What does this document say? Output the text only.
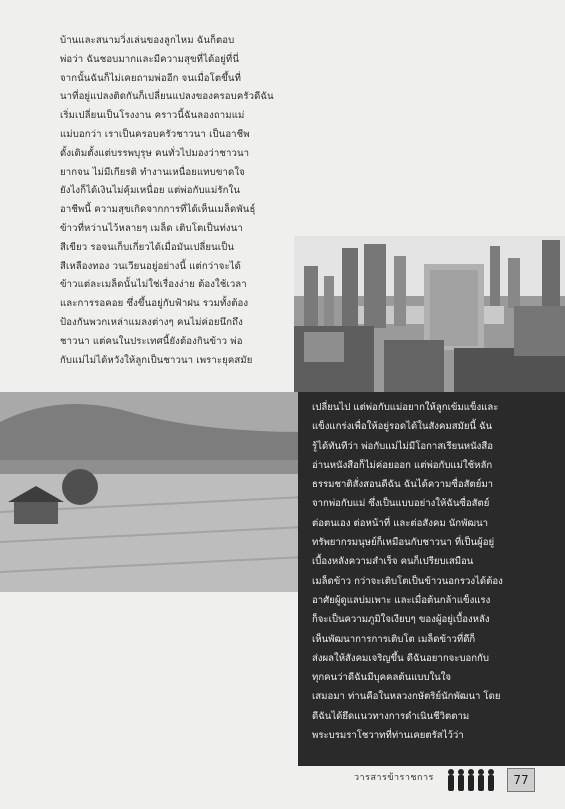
บ้านและสนามวิ่งเล่นของลูกไหม ฉันก็ตอบ
พ่อว่า ฉันชอบมากและมีความสุขที่ได้อยู่ที่นี่
จากนั้นฉันก็ไม่เคยถามพ่ออีก จนเมื่อโตขึ้นที่
นาที่อยู่แปลงติดกันก็เปลี่ยนแปลงของครอบครัวดีฉัน
เริ่มเปลี่ยนเป็นโรงงาน คราวนี้ฉันลองถามแม่
แม่บอกว่า เราเป็นครอบครัวชาวนา เป็นอาชีพ
ดั้งเดิมตั้งแต่บรรพบุรุษ คนทั่วไปมองว่าชาวนา
ยากจน ไม่มีเกียรติ ทำงานเหนื่อยแทบขาดใจ
ยังไงก็ได้เงินไม่คุ้มเหนื่อย แต่พ่อกับแม่รักใน
อาชีพนี้ ความสุขเกิดจากการที่ได้เห็นเมล็ดพันธุ์
ข้าวที่หว่านไว้หลายๆ เมล็ด เติบโตเป็นท่งนา
สีเขียว รอจนเก็บเกี่ยวได้เมื่อมันเปลี่ยนเป็น
สีเหลืองทอง วนเวียนอยู่อย่างนี้ แต่กว่าจะได้
ข้าวแต่ละเมล็ดนั้นไม่ใช่เรื่องง่าย ต้องใช้เวลา
และการรอคอย ซึ่งขึ้นอยู่กับฟ้าฝน รวมทั้งต้อง
ป้องกันพวกเหล่าแมลงต่างๆ คนไม่ค่อยนึกถึง
ชาวนา แต่คนในประเทศนี้ยังต้องกินข้าว พ่อ
กับแม่ไม่ได้หวังให้ลูกเป็นชาวนา เพราะยุคสมัย
เปลี่ยนไป แต่พ่อกับแม่อยากให้ลูกเข้มแข็งและ
แข็งแกร่งเพื่อให้อยู่รอดได้ในสังคมสมัยนี้ ฉัน
รู้ได้ทันทีว่า พ่อกับแม่ไม่มีโอกาสเรียนหนังสือ
อ่านหนังสือก็ไม่ค่อยออก แต่พ่อกับแม่ใช้หลัก
ธรรมชาติสั่งสอนดีฉัน ฉันได้ความซื่อสัตย์มา
จากพ่อกับแม่ ซึ่งเป็นแบบอย่างให้ฉันซื่อสัตย์
ต่อตนเอง ต่อหน้าที่ และต่อสังคม นักพัฒนา
ทรัพยากรมนุษย์ก็เหมือนกับชาวนา ที่เป็นผู้อยู่
เบื้องหลังความสำเร็จ คนก็เปรียบเสมือน
เมล็ดข้าว กว่าจะเติบโตเป็นข้าวนอกรวงได้ต้อง
อาศัยผู้ดูแลบ่มเพาะ และเมื่อต้นกล้าแข็งแรง
ก็จะเป็นความภูมิใจเงียบๆ ของผู้อยู่เบื้องหลัง
เห็นพัฒนาการการเติบโต เมล็ดข้าวที่ดีก็
ส่งผลให้สังคมเจริญขึ้น ดีฉันอยากจะบอกกับ
ทุกคนว่าดีฉันมีบุคคลต้นแบบในใจ
เสมอมา ท่านคือในหลวงกษัตริย์นักพัฒนา โดย
ดีฉันได้ยึดแนวทางการดำเนินชีวิตตาม
พระบรมราโชวาทที่ท่านเคยตรัสไว้ว่า
วารสารข้าราชการ	77
